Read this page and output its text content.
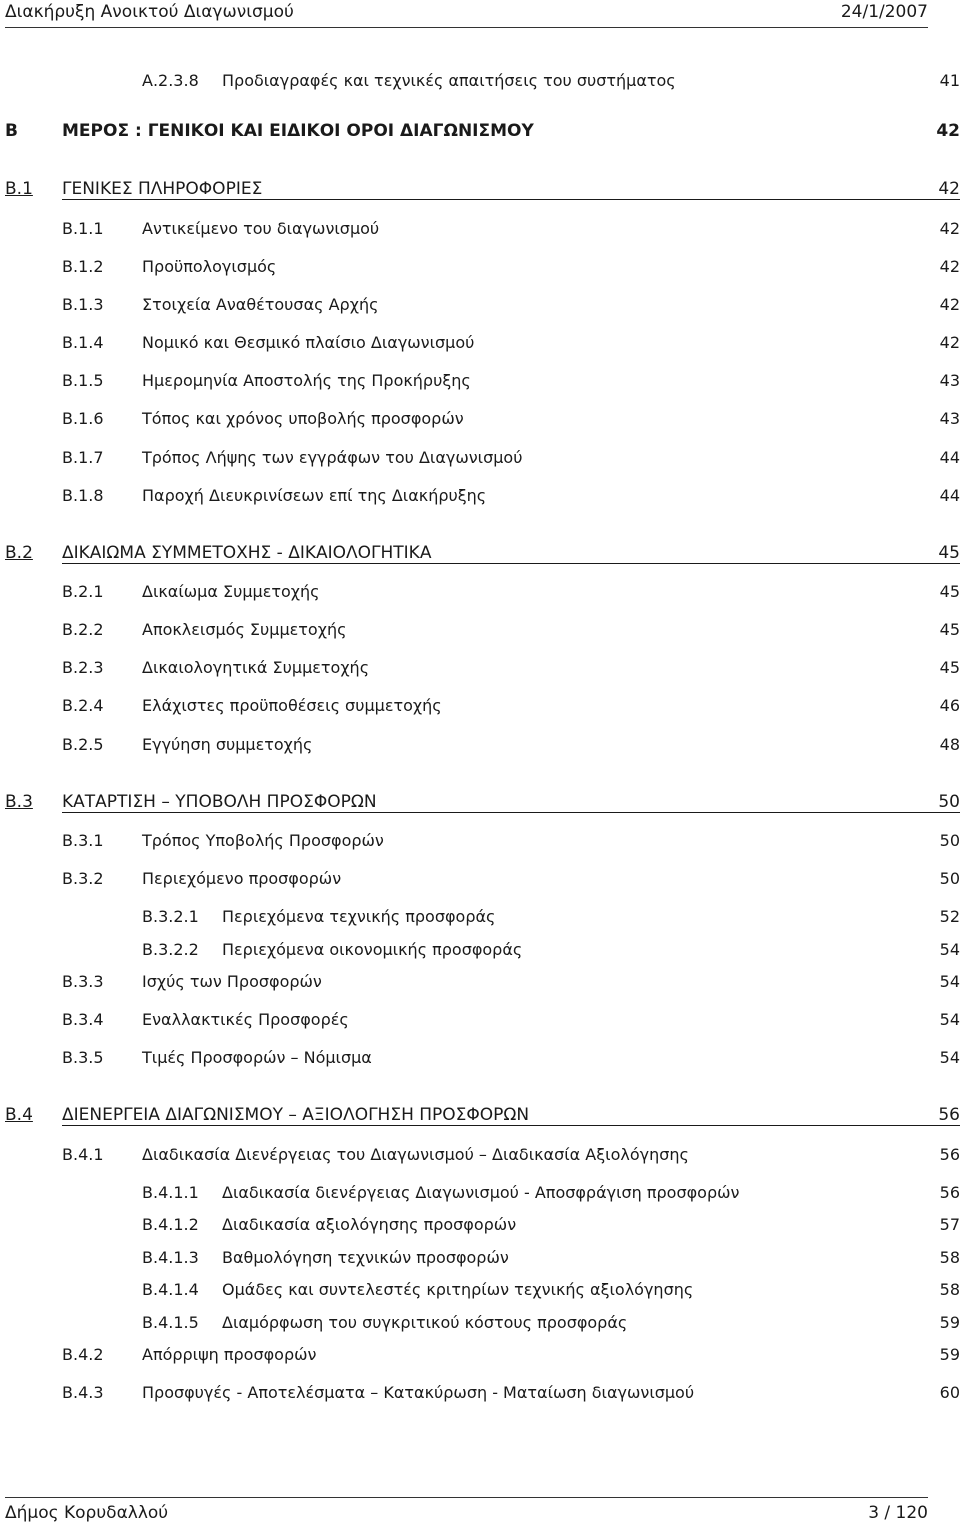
Διακήρυξη Ανοικτού Διαγωνισμού	24/1/2007
Α.2.3.8 Προδιαγραφές και τεχνικές απαιτήσεις του συστήματος	41
Β	ΜΕΡΟΣ : ΓΕΝΙΚΟΙ ΚΑΙ ΕΙΔΙΚΟΙ ΟΡΟΙ ΔΙΑΓΩΝΙΣΜΟΥ	42
Β.1 ΓΕΝΙΚΕΣ ΠΛΗΡΟΦΟΡΙΕΣ	42
Β.1.1 Αντικείμενο του διαγωνισμού	42
Β.1.2 Προϋπολογισμός	42
Β.1.3 Στοιχεία Αναθέτουσας Αρχής	42
Β.1.4 Νομικό και Θεσμικό πλαίσιο Διαγωνισμού	42
Β.1.5 Ημερομηνία Αποστολής της Προκήρυξης	43
Β.1.6 Τόπος και χρόνος υποβολής προσφορών	43
Β.1.7 Τρόπος Λήψης των εγγράφων του Διαγωνισμού	44
Β.1.8 Παροχή Διευκρινίσεων επί της Διακήρυξης	44
Β.2 ΔΙΚΑΙΩΜΑ ΣΥΜΜΕΤΟΧΗΣ - ΔΙΚΑΙΟΛΟΓΗΤΙΚΑ	45
Β.2.1 Δικαίωμα Συμμετοχής	45
Β.2.2 Αποκλεισμός Συμμετοχής	45
Β.2.3 Δικαιολογητικά Συμμετοχής	45
Β.2.4 Ελάχιστες προϋποθέσεις συμμετοχής	46
Β.2.5 Εγγύηση συμμετοχής	48
Β.3 ΚΑΤΑΡΤΙΣΗ – ΥΠΟΒΟΛΗ ΠΡΟΣΦΟΡΩΝ	50
Β.3.1 Τρόπος Υποβολής Προσφορών	50
Β.3.2 Περιεχόμενο προσφορών	50
Β.3.2.1 Περιεχόμενα τεχνικής προσφοράς	52
Β.3.2.2 Περιεχόμενα οικονομικής προσφοράς	54
Β.3.3 Ισχύς των Προσφορών	54
Β.3.4 Εναλλακτικές Προσφορές	54
Β.3.5 Τιμές Προσφορών – Νόμισμα	54
Β.4 ΔΙΕΝΕΡΓΕΙΑ ΔΙΑΓΩΝΙΣΜΟΥ – ΑΞΙΟΛΟΓΗΣΗ ΠΡΟΣΦΟΡΩΝ	56
Β.4.1 Διαδικασία Διενέργειας του Διαγωνισμού – Διαδικασία Αξιολόγησης	56
Β.4.1.1 Διαδικασία διενέργειας Διαγωνισμού - Αποσφράγιση προσφορών	56
Β.4.1.2 Διαδικασία αξιολόγησης προσφορών	57
Β.4.1.3 Βαθμολόγηση τεχνικών προσφορών	58
Β.4.1.4 Ομάδες και συντελεστές κριτηρίων τεχνικής αξιολόγησης	58
Β.4.1.5 Διαμόρφωση του συγκριτικού κόστους προσφοράς	59
Β.4.2 Απόρριψη προσφορών	59
Β.4.3 Προσφυγές - Αποτελέσματα – Κατακύρωση - Ματαίωση διαγωνισμού	60
Δήμος Κορυδαλλού	3 / 120
